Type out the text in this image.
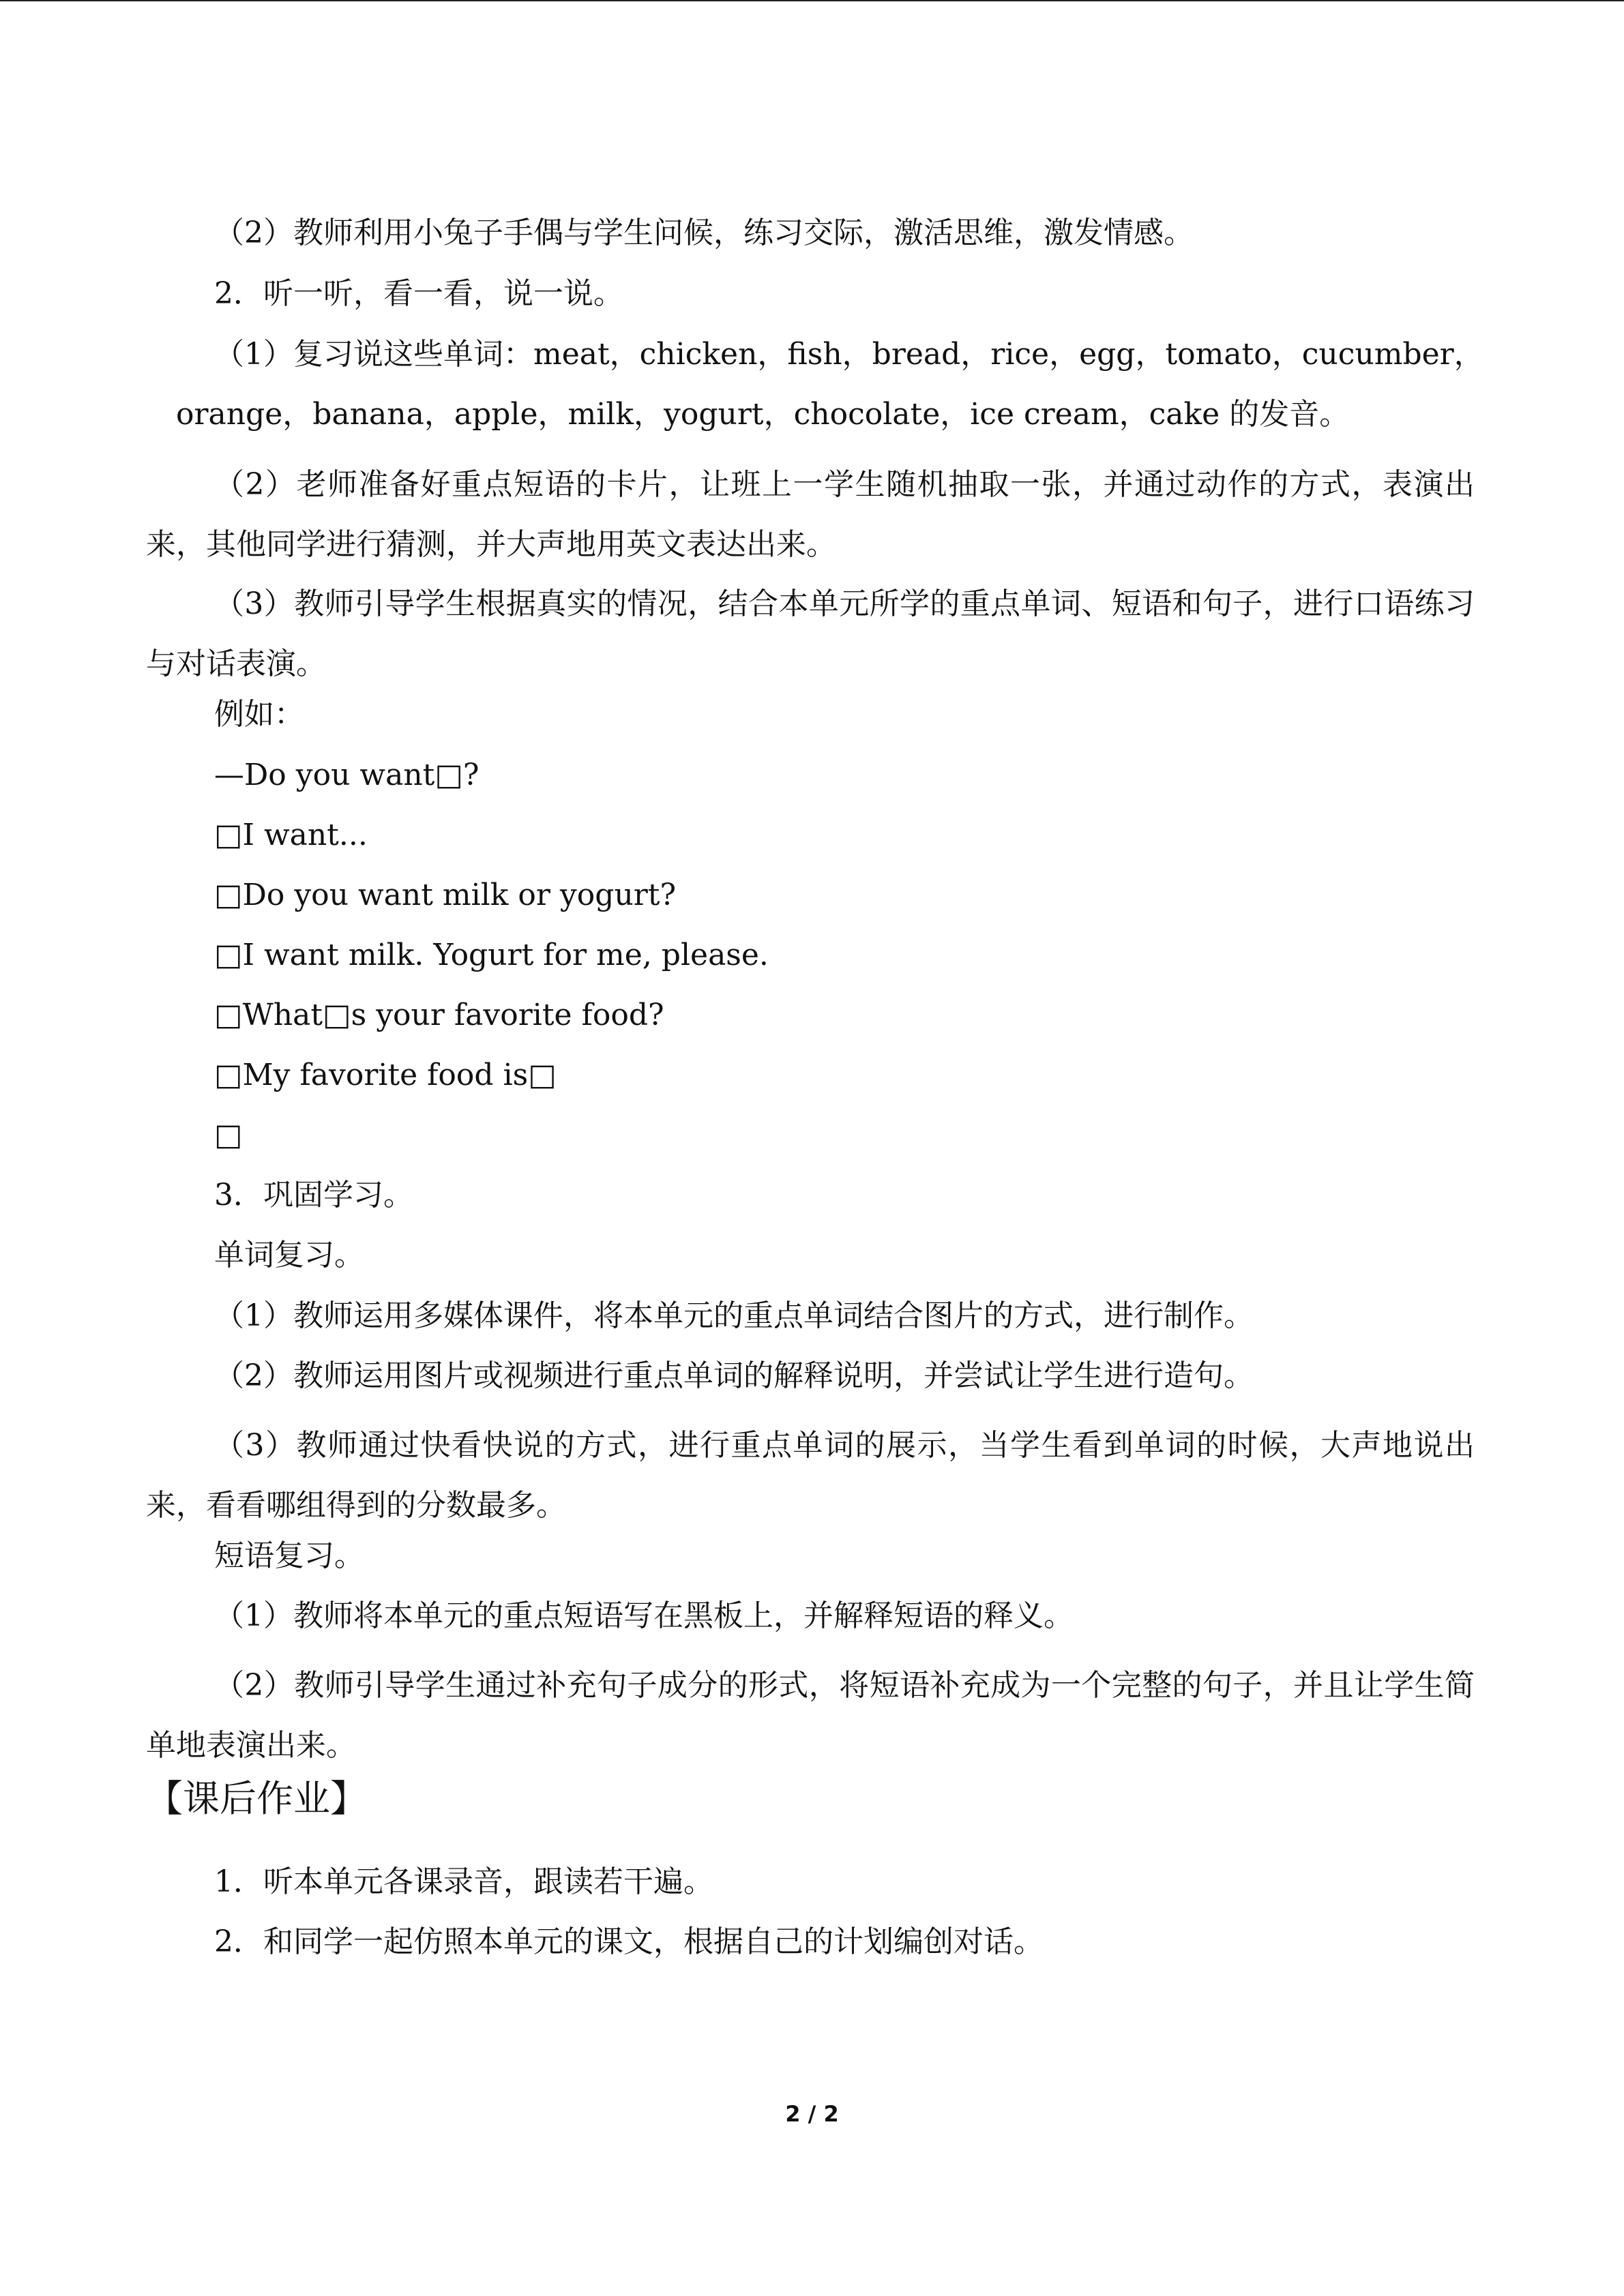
（2）教师利用小兔子手偶与学生问候，练习交际，激活思维，激发情感。

2．听一听，看一看，说一说。

（1）复习说这些单词：meat，chicken，fish，bread，rice，egg，tomato，cucumber，

orange，banana，apple，milk，yogurt，chocolate，ice cream，cake 的发音。

（2）老师准备好重点短语的卡片，让班上一学生随机抽取一张，并通过动作的方式，表演出来，其他同学进行猜测，并大声地用英文表达出来。

（3）教师引导学生根据真实的情况，结合本单元所学的重点单词、短语和句子，进行口语练习与对话表演。

例如：

—Do you want□?

□I want...

□Do you want milk or yogurt?

□I want milk. Yogurt for me, please.

□What□s your favorite food?

□My favorite food is□

□

3．巩固学习。

单词复习。

（1）教师运用多媒体课件，将本单元的重点单词结合图片的方式，进行制作。

（2）教师运用图片或视频进行重点单词的解释说明，并尝试让学生进行造句。

（3）教师通过快看快说的方式，进行重点单词的展示，当学生看到单词的时候，大声地说出来，看看哪组得到的分数最多。

短语复习。

（1）教师将本单元的重点短语写在黑板上，并解释短语的释义。

（2）教师引导学生通过补充句子成分的形式，将短语补充成为一个完整的句子，并且让学生简单地表演出来。

【课后作业】

1．听本单元各课录音，跟读若干遍。

2．和同学一起仿照本单元的课文，根据自己的计划编创对话。

2 / 2
